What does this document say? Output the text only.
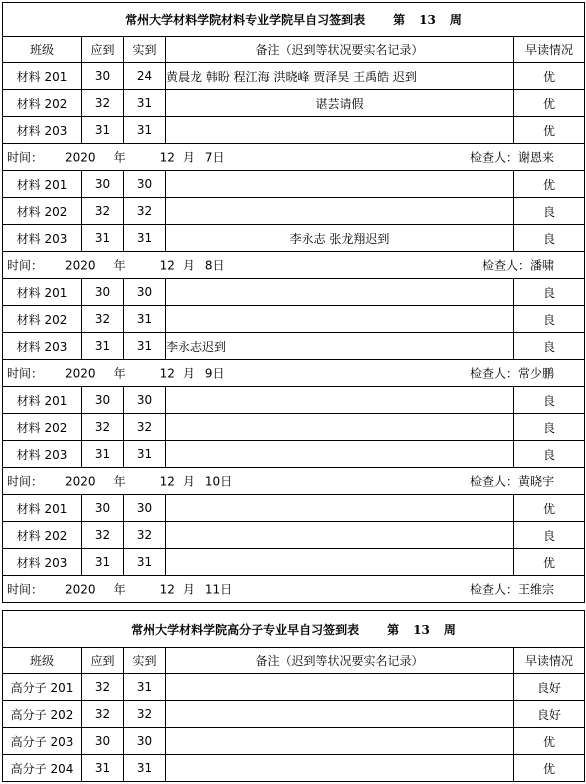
常州大学材料学院材料专业学院早自习签到表 第 13 周				
班级	应到	实到	备注（迟到等状况要实名记录）	早读情况
材料 201	30	24	黄晨龙 韩盼 程江海 洪晓峰 贾泽昊 王禹皓 迟到	优
材料 202	32	31	谌芸请假	优
材料 203	31	31		优

时间： 2020 年 12 月 7日 检查人：谢恩来				

材料 201	30	30		优
材料 202	32	32		良
材料 203	31	31	李永志 张龙翔迟到	良

时间： 2020 年 12 月 8日 检查人：潘啸				

材料 201	30	30		良
材料 202	32	31		良
材料 203	31	31	李永志迟到	良

时间： 2020 年 12 月 9日 检查人：常少鹏				

材料 201	30	30		良
材料 202	32	32		良
材料 203	31	31		良

时间： 2020 年 12 月 10日 检查人：黄晓宇				

材料 201	30	30		优
材料 202	32	32		良
材料 203	31	31		优

时间： 2020 年 12 月 11日 检查人：王维宗				
常州大学材料学院高分子专业早自习签到表 第 13 周				
班级	应到	实到	备注（迟到等状况要实名记录）	早读情况
高分子 201	32	31		良好
高分子 202	32	32		良好
高分子 203	30	30		优
高分子 204	31	31		优
